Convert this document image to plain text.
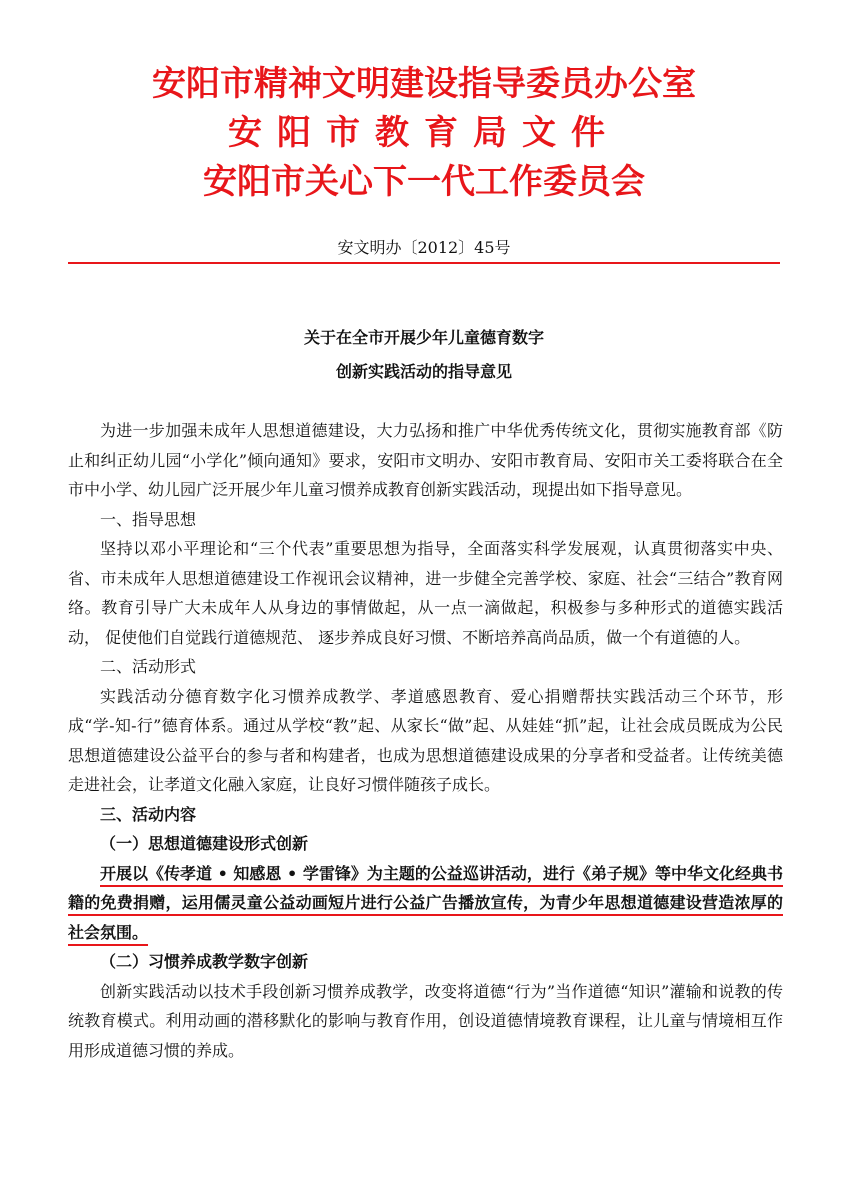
安阳市精神文明建设指导委员办公室
安阳市教育局文件
安阳市关心下一代工作委员会
安文明办〔2012〕45号
关于在全市开展少年儿童德育数字
创新实践活动的指导意见

为进一步加强未成年人思想道德建设，大力弘扬和推广中华优秀传统文化，贯彻实施教育部《防止和纠正幼儿园“小学化”倾向通知》要求，安阳市文明办、安阳市教育局、安阳市关工委将联合在全市中小学、幼儿园广泛开展少年儿童习惯养成教育创新实践活动，现提出如下指导意见。

一、指导思想

坚持以邓小平理论和“三个代表”重要思想为指导，全面落实科学发展观，认真贯彻落实中央、省、市未成年人思想道德建设工作视讯会议精神，进一步健全完善学校、家庭、社会“三结合”教育网络。教育引导广大未成年人从身边的事情做起，从一点一滴做起，积极参与多种形式的道德实践活动， 促使他们自觉践行道德规范、 逐步养成良好习惯、不断培养高尚品质，做一个有道德的人。

二、活动形式

实践活动分德育数字化习惯养成教学、孝道感恩教育、爱心捐赠帮扶实践活动三个环节，形成“学-知-行”德育体系。通过从学校“教”起、从家长“做”起、从娃娃“抓”起，让社会成员既成为公民思想道德建设公益平台的参与者和构建者，也成为思想道德建设成果的分享者和受益者。让传统美德走进社会，让孝道文化融入家庭，让良好习惯伴随孩子成长。

三、活动内容

（一）思想道德建设形式创新

开展以《传孝道 • 知感恩 • 学雷锋》为主题的公益巡讲活动，进行《弟子规》等中华文化经典书籍的免费捐赠，运用儒灵童公益动画短片进行公益广告播放宣传，为青少年思想道德建设营造浓厚的社会氛围。

（二）习惯养成教学数字创新

创新实践活动以技术手段创新习惯养成教学，改变将道德“行为”当作道德“知识”灌输和说教的传统教育模式。利用动画的潜移默化的影响与教育作用，创设道德情境教育课程，让儿童与情境相互作用形成道德习惯的养成。
